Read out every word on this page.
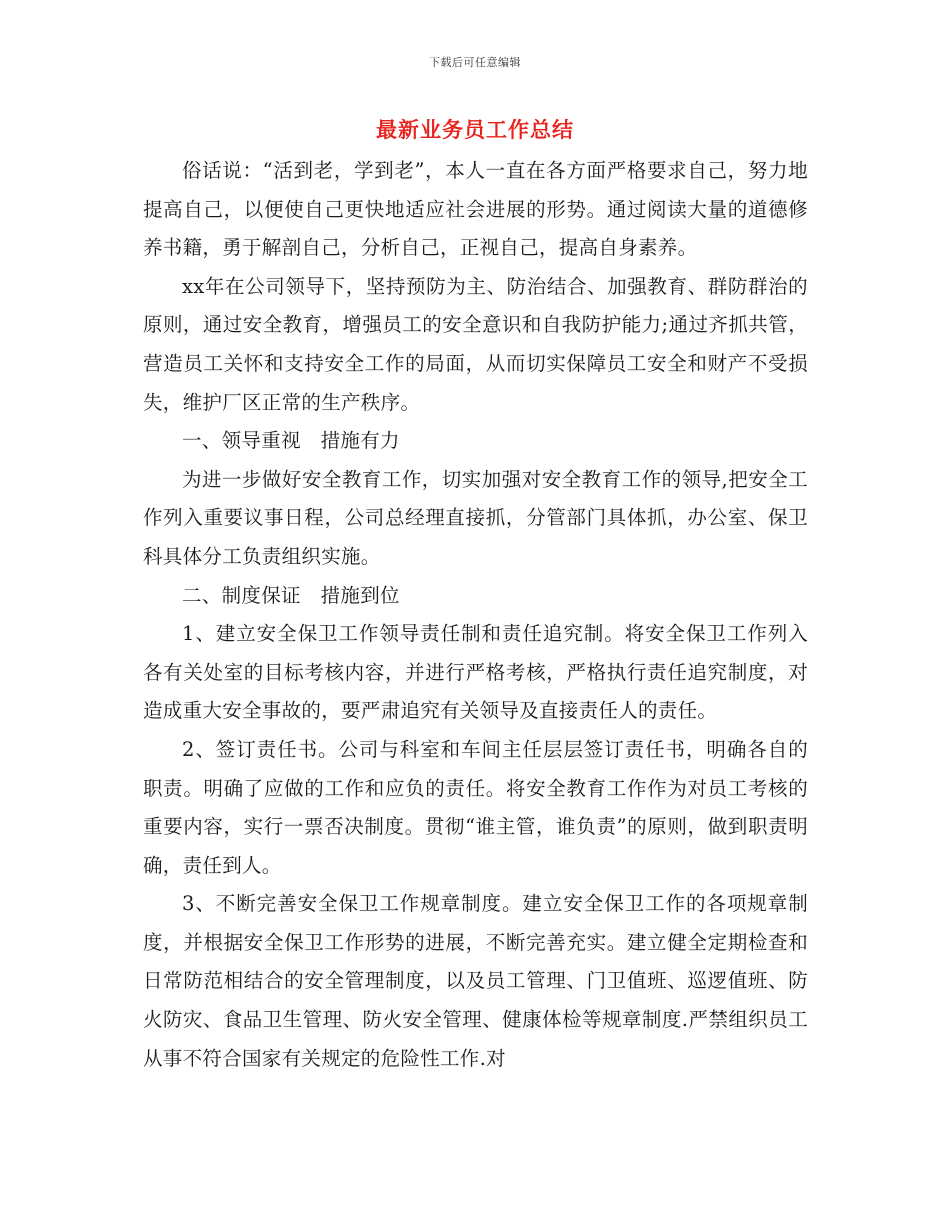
下载后可任意编辑
最新业务员工作总结

俗话说：“活到老，学到老”，本人一直在各方面严格要求自己，努力地提高自己，以便使自己更快地适应社会进展的形势。通过阅读大量的道德修养书籍，勇于解剖自己，分析自己，正视自己，提高自身素养。

xx年在公司领导下，坚持预防为主、防治结合、加强教育、群防群治的原则，通过安全教育，增强员工的安全意识和自我防护能力;通过齐抓共管，营造员工关怀和支持安全工作的局面，从而切实保障员工安全和财产不受损失，维护厂区正常的生产秩序。

一、领导重视　措施有力

为进一步做好安全教育工作，切实加强对安全教育工作的领导,把安全工作列入重要议事日程，公司总经理直接抓，分管部门具体抓，办公室、保卫科具体分工负责组织实施。

二、制度保证　措施到位

1、建立安全保卫工作领导责任制和责任追究制。将安全保卫工作列入各有关处室的目标考核内容，并进行严格考核，严格执行责任追究制度，对造成重大安全事故的，要严肃追究有关领导及直接责任人的责任。

2、签订责任书。公司与科室和车间主任层层签订责任书，明确各自的职责。明确了应做的工作和应负的责任。将安全教育工作作为对员工考核的重要内容，实行一票否决制度。贯彻“谁主管，谁负责”的原则，做到职责明确，责任到人。

3、不断完善安全保卫工作规章制度。建立安全保卫工作的各项规章制度，并根据安全保卫工作形势的进展，不断完善充实。建立健全定期检查和日常防范相结合的安全管理制度，以及员工管理、门卫值班、巡逻值班、防火防灾、食品卫生管理、防火安全管理、健康体检等规章制度.严禁组织员工从事不符合国家有关规定的危险性工作.对
